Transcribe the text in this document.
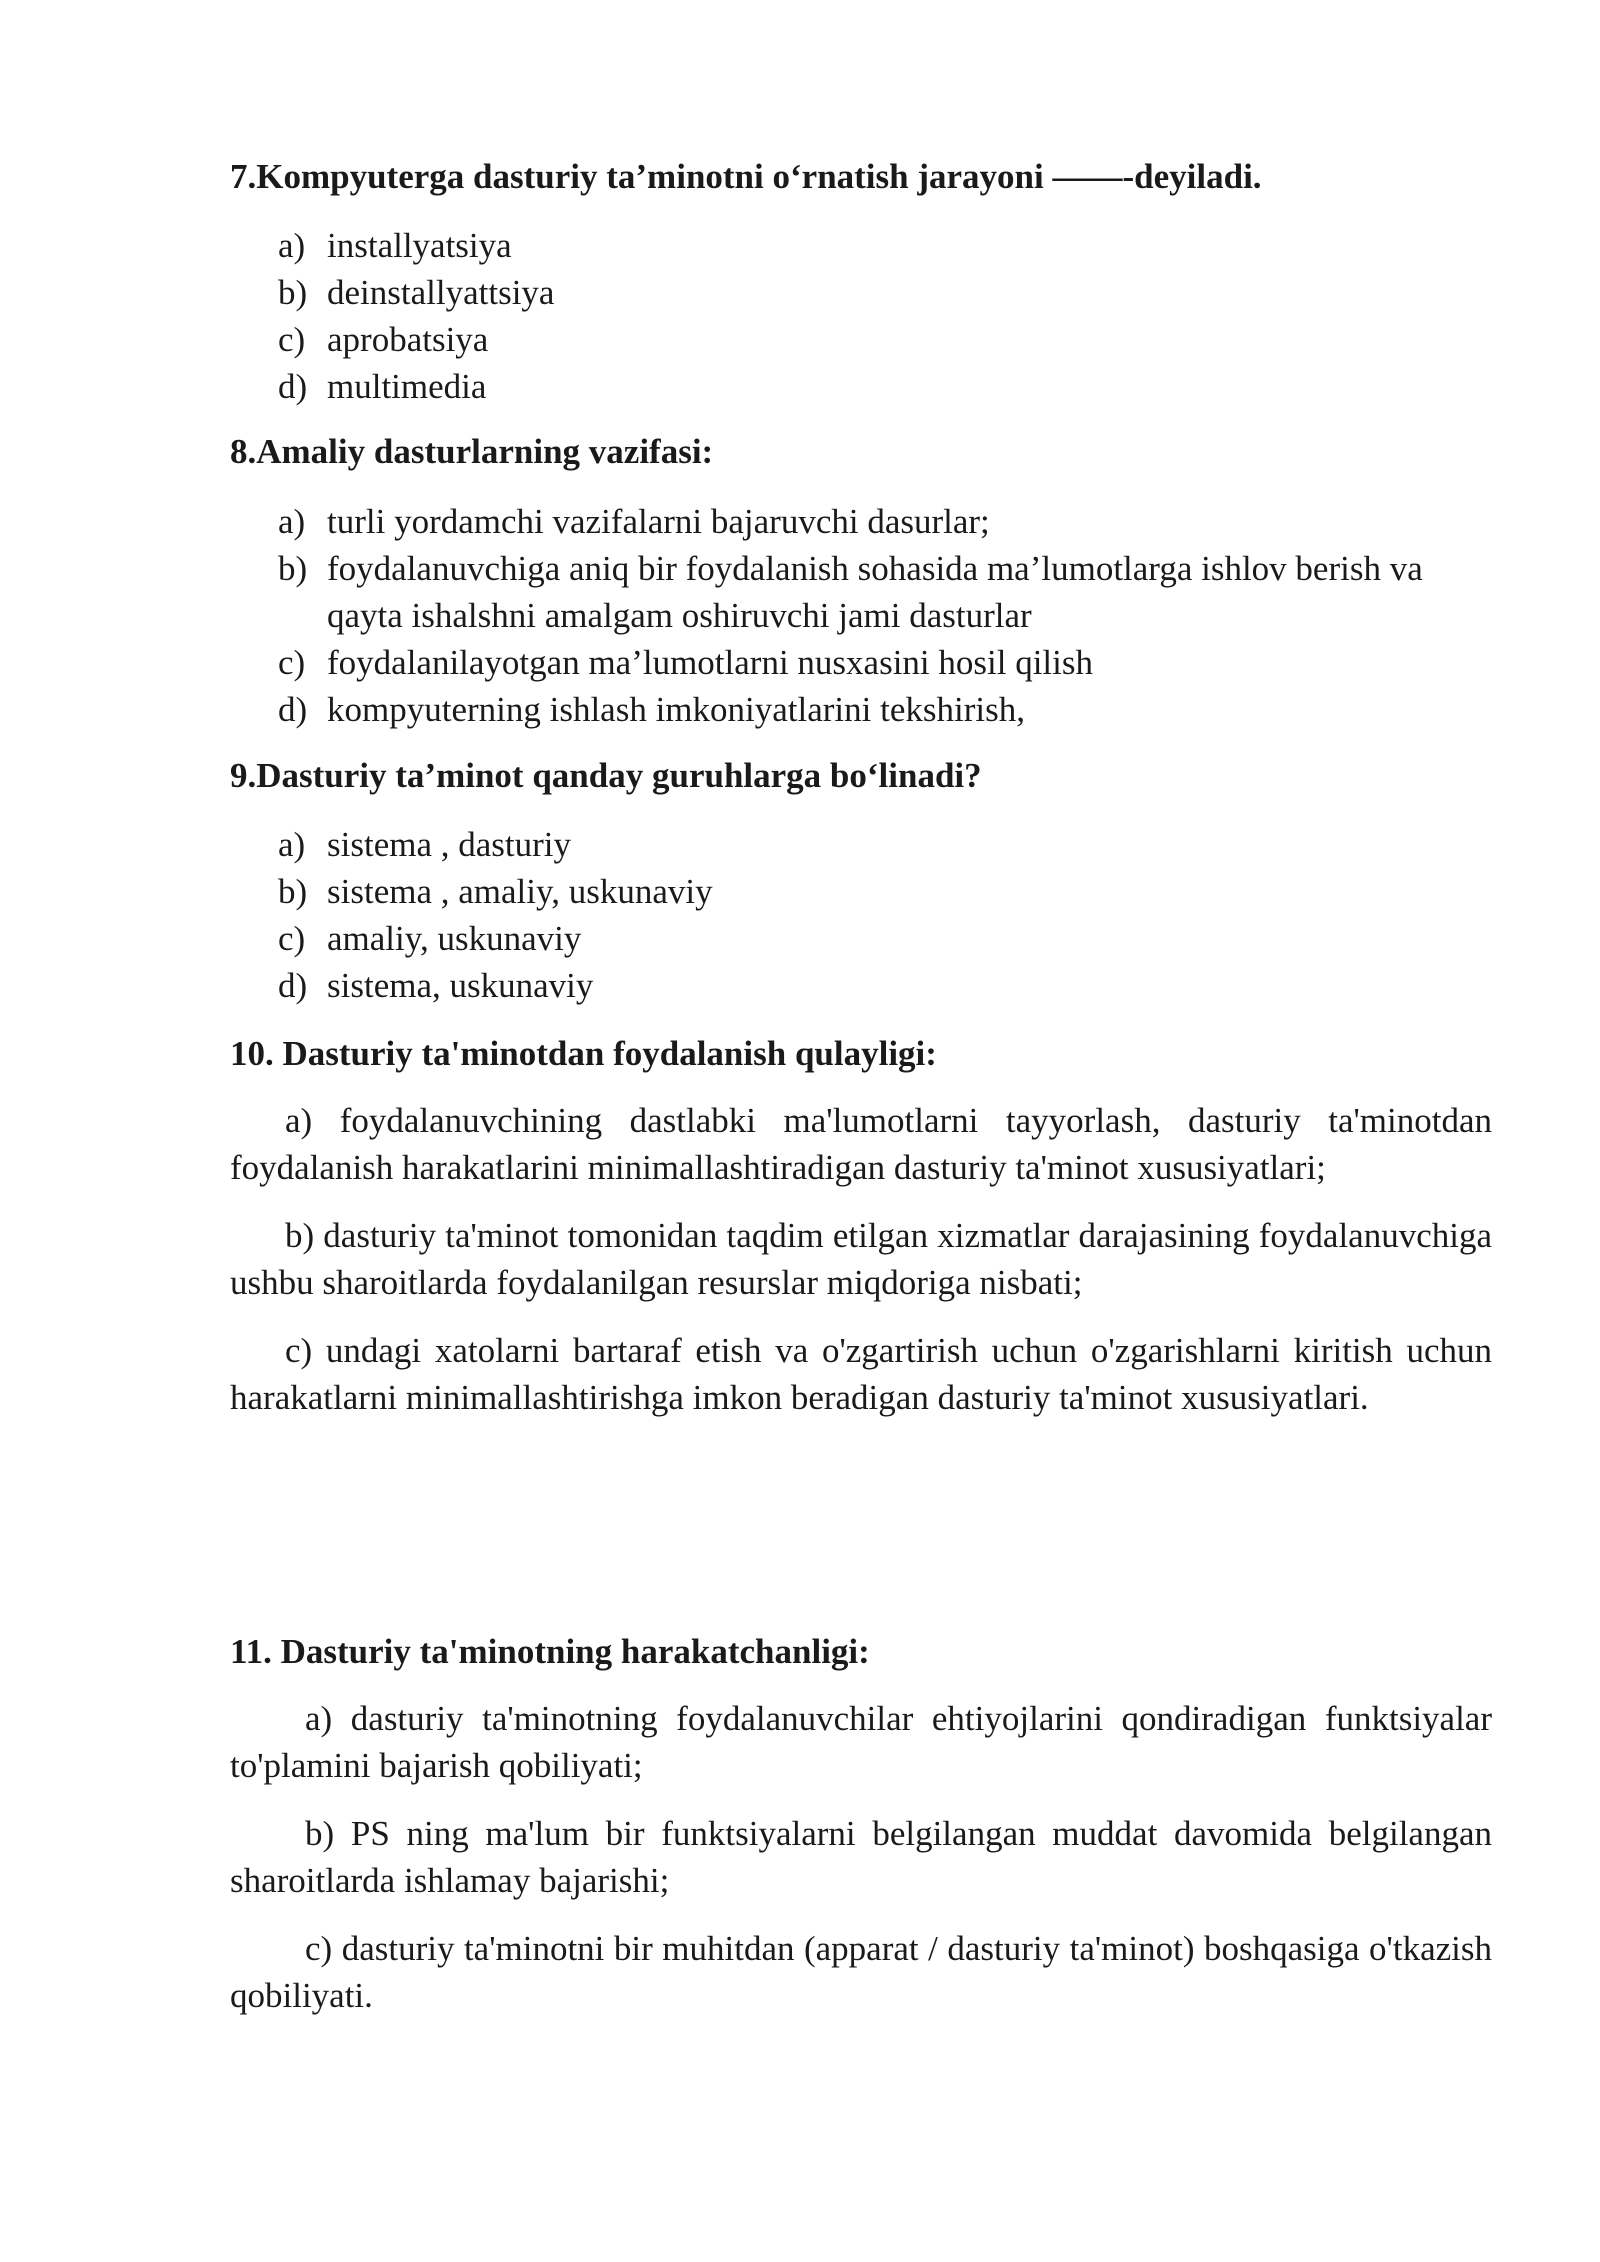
7.Kompyuterga dasturiy ta’minotni o‘rnatish jarayoni ——-deyiladi.

a) installyatsiya
b) deinstallyattsiya
c) aprobatsiya
d) multimedia

8.Amaliy dasturlarning vazifasi:

a) turli yordamchi vazifalarni bajaruvchi dasurlar;
b) foydalanuvchiga aniq bir foydalanish sohasida ma’lumotlarga ishlov berish va qayta ishalshni amalgam oshiruvchi jami dasturlar
c) foydalanilayotgan ma’lumotlarni nusxasini hosil qilish
d) kompyuterning ishlash imkoniyatlarini tekshirish,

9.Dasturiy ta’minot qanday guruhlarga bo‘linadi?

a) sistema , dasturiy
b) sistema , amaliy, uskunaviy
c) amaliy, uskunaviy
d) sistema, uskunaviy

10. Dasturiy ta'minotdan foydalanish qulayligi:

a) foydalanuvchining dastlabki ma'lumotlarni tayyorlash, dasturiy ta'minotdan foydalanish harakatlarini minimallashtiradigan dasturiy ta'minot xususiyatlari;

b) dasturiy ta'minot tomonidan taqdim etilgan xizmatlar darajasining foydalanuvchiga ushbu sharoitlarda foydalanilgan resurslar miqdoriga nisbati;

c) undagi xatolarni bartaraf etish va o'zgartirish uchun o'zgarishlarni kiritish uchun harakatlarni minimallashtirishga imkon beradigan dasturiy ta'minot xususiyatlari.

11. Dasturiy ta'minotning harakatchanligi:

a) dasturiy ta'minotning foydalanuvchilar ehtiyojlarini qondiradigan funktsiyalar to'plamini bajarish qobiliyati;

b) PS ning ma'lum bir funktsiyalarni belgilangan muddat davomida belgilangan sharoitlarda ishlamay bajarishi;

c) dasturiy ta'minotni bir muhitdan (apparat / dasturiy ta'minot) boshqasiga o'tkazish qobiliyati.
